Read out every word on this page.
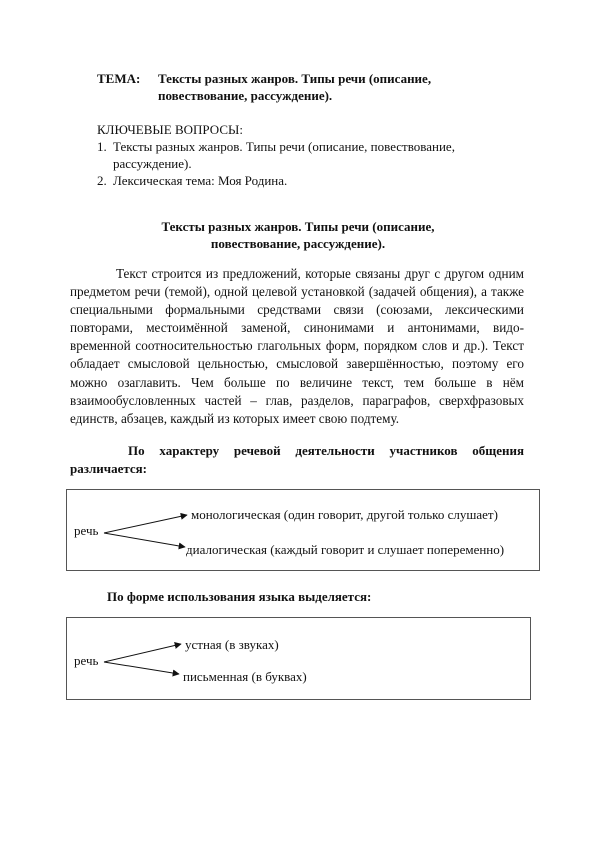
ТЕМА: Тексты разных жанров. Типы речи (описание,
повествование, рассуждение).
КЛЮЧЕВЫЕ ВОПРОСЫ:
1. Тексты разных жанров. Типы речи (описание, повествование,
рассуждение).
2. Лексическая тема: Моя Родина.
Тексты разных жанров. Типы речи (описание,
повествование, рассуждение).
Текст строится из предложений, которые связаны друг с другом одним предметом речи (темой), одной целевой установкой (задачей общения), а также специальными формальными средствами связи (союзами, лексическими повторами, местоимённой заменой, синонимами и антонимами, видо-временной соотносительностью глагольных форм, порядком слов и др.). Текст обладает смысловой цельностью, смысловой завершённостью, поэтому его можно озаглавить. Чем больше по величине текст, тем больше в нём взаимообусловленных частей – глав, разделов, параграфов, сверхфразовых единств, абзацев, каждый из которых имеет свою подтему.
По характеру речевой деятельности участников общения различается:
речь
монологическая (один говорит, другой только слушает)
диалогическая (каждый говорит и слушает попеременно)
По форме использования языка выделяется:
речь
устная (в звуках)
письменная (в буквах)
